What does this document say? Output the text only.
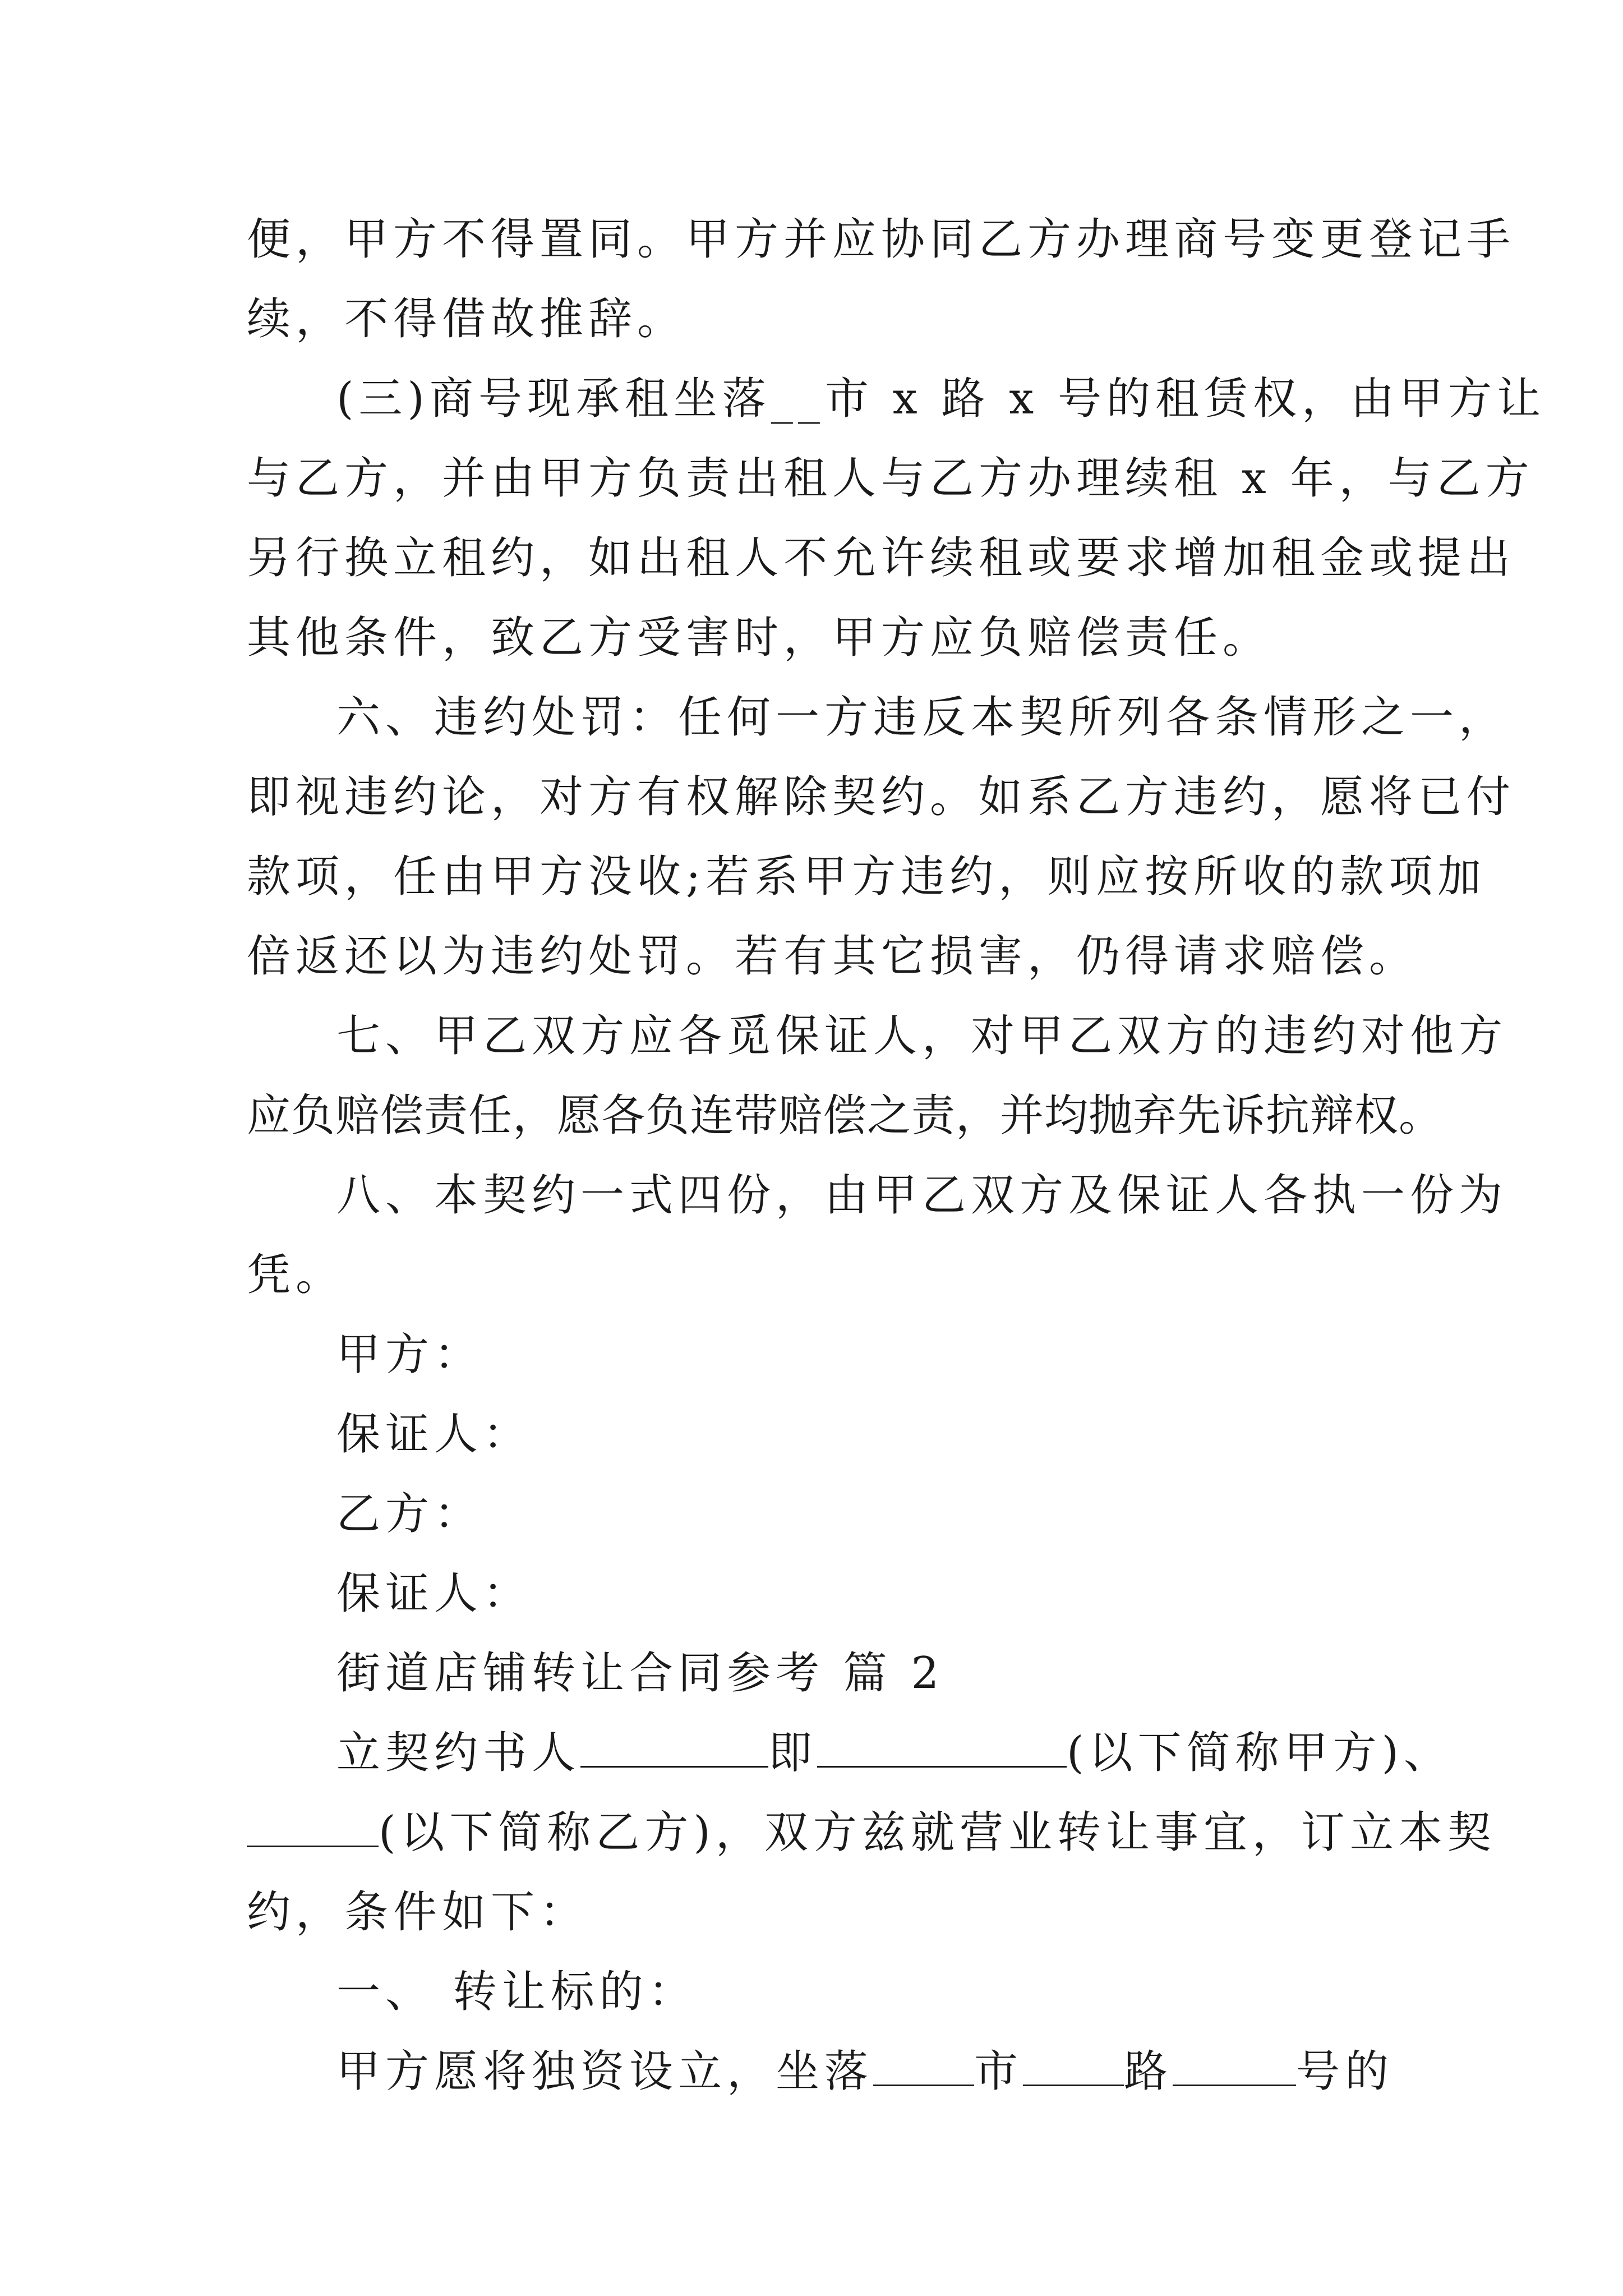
便，甲方不得置同。甲方并应协同乙方办理商号变更登记手
续，不得借故推辞。
(三)商号现承租坐落__市 x 路 x 号的租赁权，由甲方让
与乙方，并由甲方负责出租人与乙方办理续租 x 年，与乙方
另行换立租约，如出租人不允许续租或要求增加租金或提出
其他条件，致乙方受害时，甲方应负赔偿责任。
六、违约处罚：任何一方违反本契所列各条情形之一，
即视违约论，对方有权解除契约。如系乙方违约，愿将已付
款项，任由甲方没收;若系甲方违约，则应按所收的款项加
倍返还以为违约处罚。若有其它损害，仍得请求赔偿。
七、甲乙双方应各觅保证人，对甲乙双方的违约对他方
应负赔偿责任，愿各负连带赔偿之责，并均抛弃先诉抗辩权。
八、本契约一式四份，由甲乙双方及保证人各执一份为
凭。
甲方：
保证人：
乙方：
保证人：
街道店铺转让合同参考 篇 2
立契约书人	即	(以下简称甲方)、
(以下简称乙方)，双方兹就营业转让事宜，订立本契
约，条件如下：
一、 转让标的：
甲方愿将独资设立，坐落 市 路	号的
